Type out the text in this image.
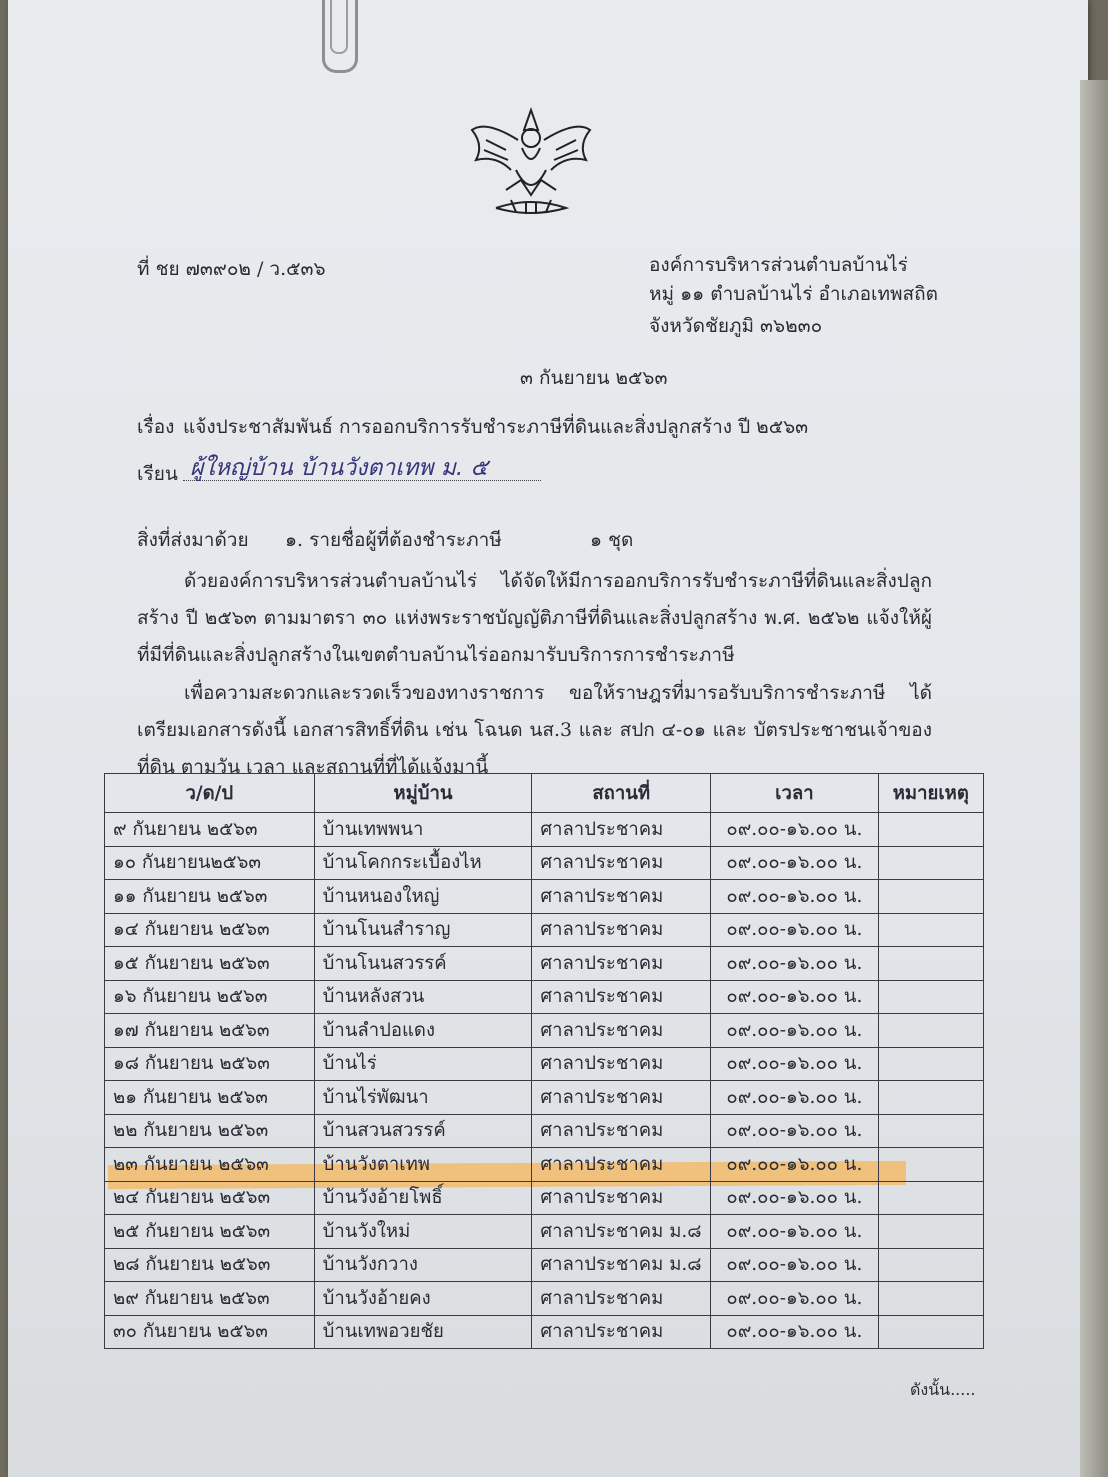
ที่ ชย ๗๓๙๐๒ / ว.๕๓๖	องค์การบริหารส่วนตำบลบ้านไร่
หมู่ ๑๑ ตำบลบ้านไร่ อำเภอเทพสถิต
จังหวัดชัยภูมิ ๓๖๒๓๐
๓ กันยายน ๒๕๖๓
เรื่อง แจ้งประชาสัมพันธ์ การออกบริการรับชำระภาษีที่ดินและสิ่งปลูกสร้าง ปี ๒๕๖๓
เรียน ผู้ใหญ่บ้าน บ้านวังตาเทพ ม. ๕
สิ่งที่ส่งมาด้วย ๑. รายชื่อผู้ที่ต้องชำระภาษี	๑ ชุด
ด้วยองค์การบริหารส่วนตำบลบ้านไร่ ได้จัดให้มีการออกบริการรับชำระภาษีที่ดินและสิ่งปลูกสร้าง ปี ๒๕๖๓ ตามมาตรา ๓๐ แห่งพระราชบัญญัติภาษีที่ดินและสิ่งปลูกสร้าง พ.ศ. ๒๕๖๒ แจ้งให้ผู้ที่มีที่ดินและสิ่งปลูกสร้างในเขตตำบลบ้านไร่ออกมารับบริการการชำระภาษี
เพื่อความสะดวกและรวดเร็วของทางราชการ ขอให้ราษฎรที่มารอรับบริการชำระภาษี ได้เตรียมเอกสารดังนี้ เอกสารสิทธิ์ที่ดิน เช่น โฉนด นส.3 และ สปก ๔-๐๑ และ บัตรประชาชนเจ้าของที่ดิน ตามวัน เวลา และสถานที่ที่ได้แจ้งมานี้
ว/ด/ป	หมู่บ้าน	สถานที่	เวลา	หมายเหตุ
๙ กันยายน ๒๕๖๓	บ้านเทพพนา	ศาลาประชาคม	๐๙.๐๐-๑๖.๐๐ น.	
๑๐ กันยายน๒๕๖๓	บ้านโคกกระเบื้องไห	ศาลาประชาคม	๐๙.๐๐-๑๖.๐๐ น.	
๑๑ กันยายน ๒๕๖๓	บ้านหนองใหญ่	ศาลาประชาคม	๐๙.๐๐-๑๖.๐๐ น.	
๑๔ กันยายน ๒๕๖๓	บ้านโนนสำราญ	ศาลาประชาคม	๐๙.๐๐-๑๖.๐๐ น.	
๑๕ กันยายน ๒๕๖๓	บ้านโนนสวรรค์	ศาลาประชาคม	๐๙.๐๐-๑๖.๐๐ น.	
๑๖ กันยายน ๒๕๖๓	บ้านหลังสวน	ศาลาประชาคม	๐๙.๐๐-๑๖.๐๐ น.	
๑๗ กันยายน ๒๕๖๓	บ้านลำปอแดง	ศาลาประชาคม	๐๙.๐๐-๑๖.๐๐ น.	
๑๘ กันยายน ๒๕๖๓	บ้านไร่	ศาลาประชาคม	๐๙.๐๐-๑๖.๐๐ น.	
๒๑ กันยายน ๒๕๖๓	บ้านไร่พัฒนา	ศาลาประชาคม	๐๙.๐๐-๑๖.๐๐ น.	
๒๒ กันยายน ๒๕๖๓	บ้านสวนสวรรค์	ศาลาประชาคม	๐๙.๐๐-๑๖.๐๐ น.	
๒๓ กันยายน ๒๕๖๓	บ้านวังตาเทพ	ศาลาประชาคม	๐๙.๐๐-๑๖.๐๐ น.	
๒๔ กันยายน ๒๕๖๓	บ้านวังอ้ายโพธิ์	ศาลาประชาคม	๐๙.๐๐-๑๖.๐๐ น.	
๒๕ กันยายน ๒๕๖๓	บ้านวังใหม่	ศาลาประชาคม ม.๘	๐๙.๐๐-๑๖.๐๐ น.	
๒๘ กันยายน ๒๕๖๓	บ้านวังกวาง	ศาลาประชาคม ม.๘	๐๙.๐๐-๑๖.๐๐ น.	
๒๙ กันยายน ๒๕๖๓	บ้านวังอ้ายคง	ศาลาประชาคม	๐๙.๐๐-๑๖.๐๐ น.	
๓๐ กันยายน ๒๕๖๓	บ้านเทพอวยชัย	ศาลาประชาคม	๐๙.๐๐-๑๖.๐๐ น.	
ดังนั้น.....
